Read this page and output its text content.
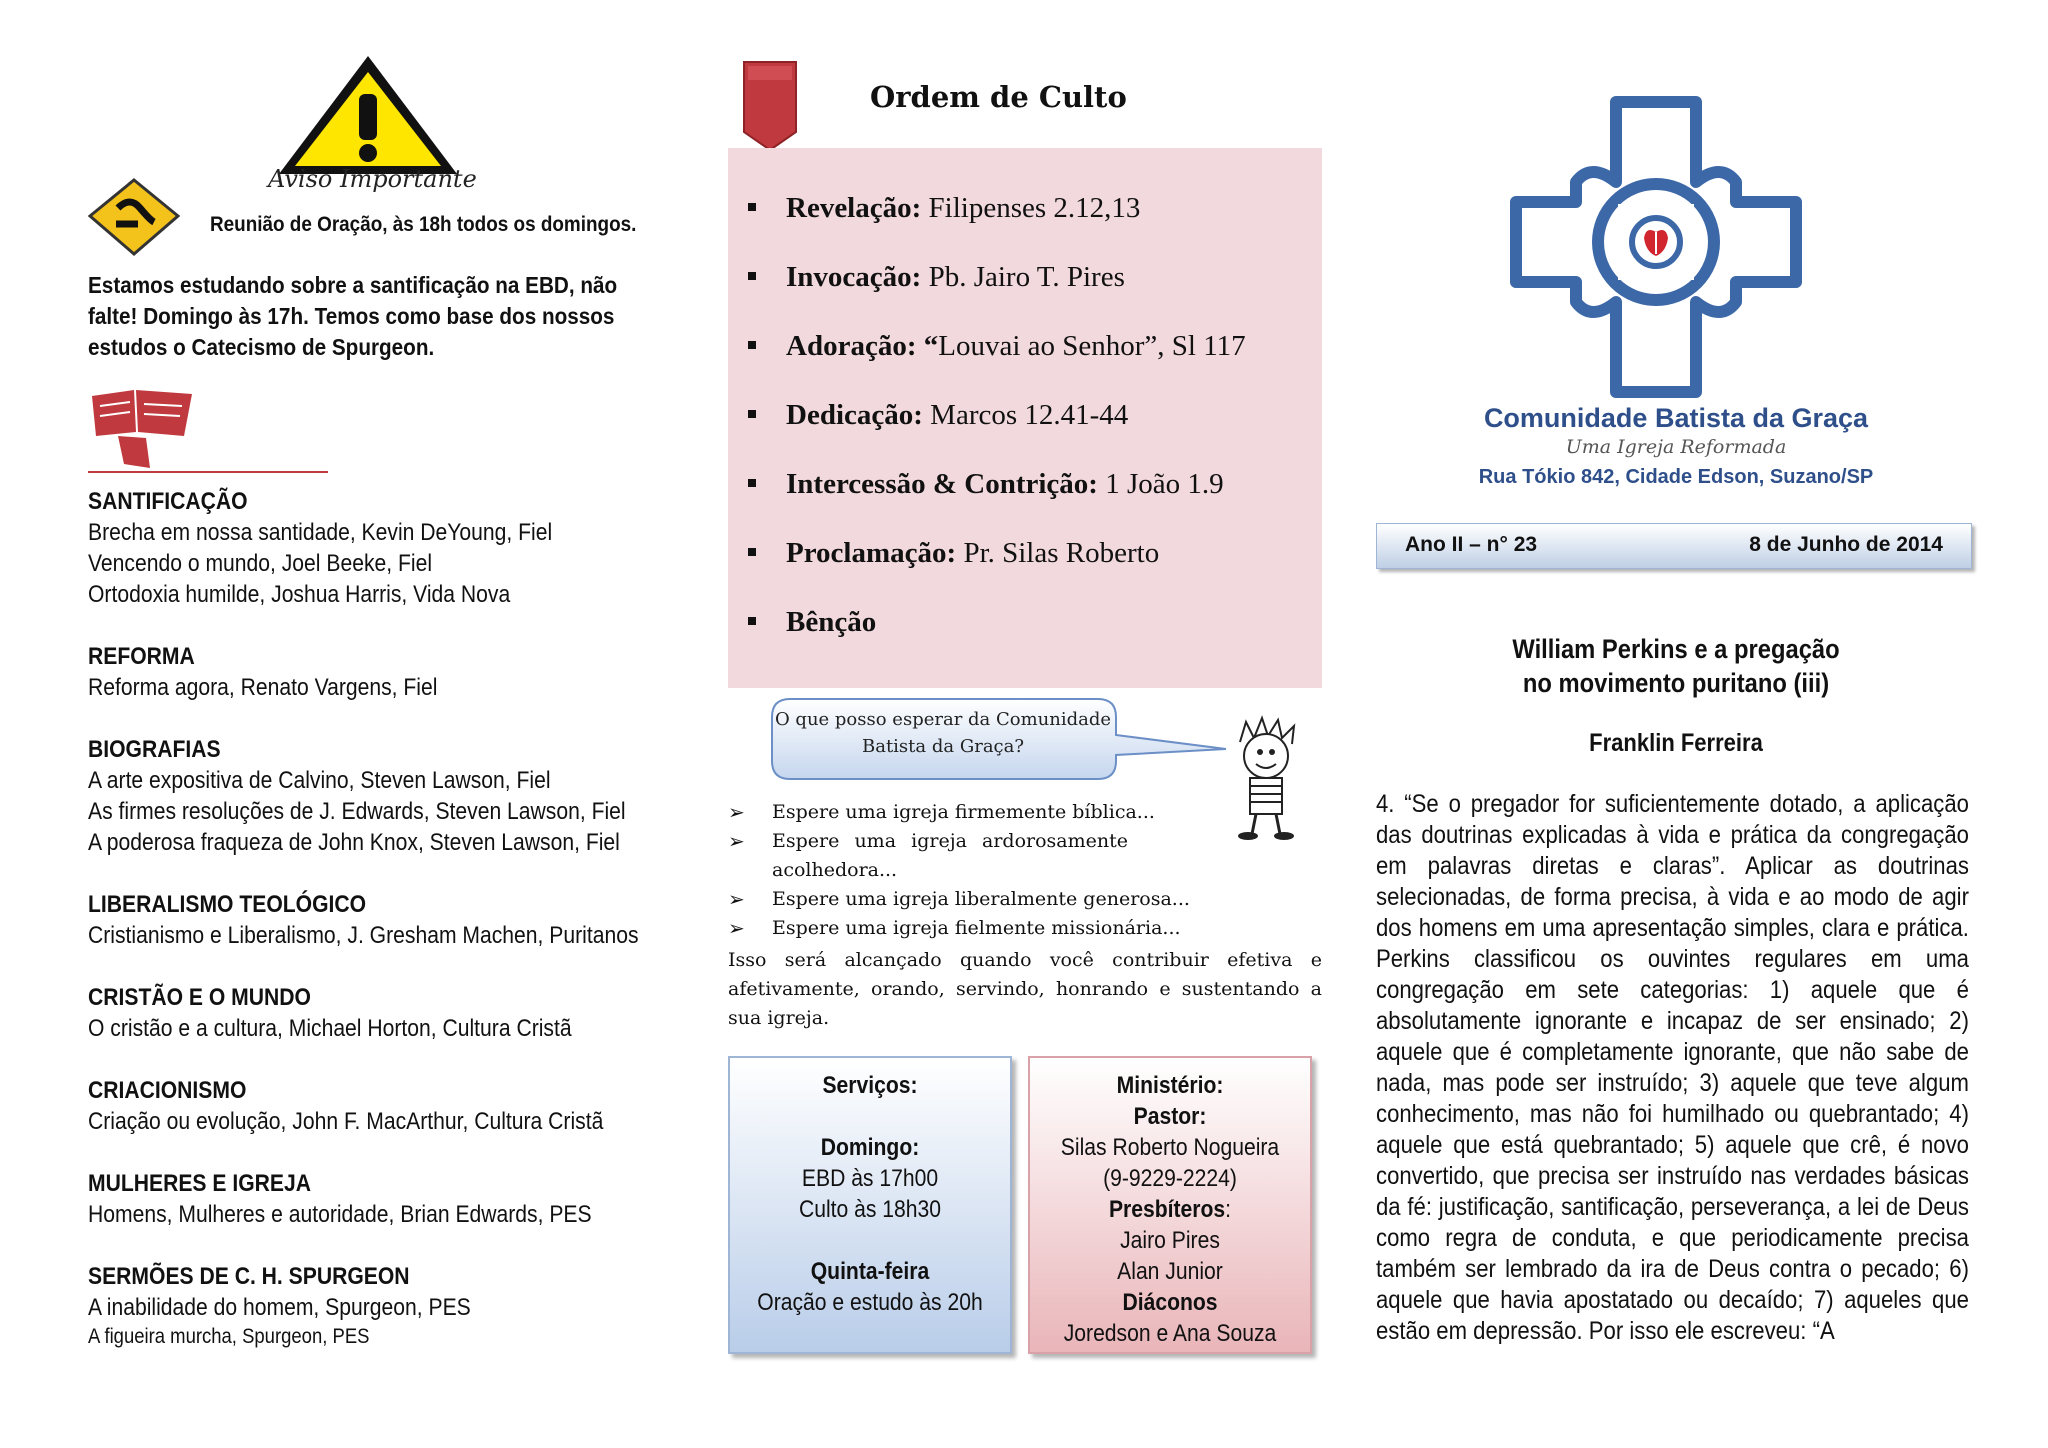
Aviso Importante
Reunião de Oração, às 18h todos os domingos.
Estamos estudando sobre a santificação na EBD, não falte! Domingo às 17h. Temos como base dos nossos estudos o Catecismo de Spurgeon.
SANTIFICAÇÃO
Brecha em nossa santidade, Kevin DeYoung, Fiel
Vencendo o mundo, Joel Beeke, Fiel
Ortodoxia humilde, Joshua Harris, Vida Nova
REFORMA
Reforma agora, Renato Vargens, Fiel
BIOGRAFIAS
A arte expositiva de Calvino, Steven Lawson, Fiel
As firmes resoluções de J. Edwards, Steven Lawson, Fiel
A poderosa fraqueza de John Knox, Steven Lawson, Fiel
LIBERALISMO TEOLÓGICO
Cristianismo e Liberalismo, J. Gresham Machen, Puritanos
CRISTÃO E O MUNDO
O cristão e a cultura, Michael Horton, Cultura Cristã
CRIACIONISMO
Criação ou evolução, John F. MacArthur, Cultura Cristã
MULHERES E IGREJA
Homens, Mulheres e autoridade, Brian Edwards, PES
SERMÕES DE C. H. SPURGEON
A inabilidade do homem, Spurgeon, PES
A figueira murcha, Spurgeon, PES
Ordem de Culto
Revelação: Filipenses 2.12,13
Invocação: Pb. Jairo T. Pires
Adoração: “Louvai ao Senhor”, Sl 117
Dedicação: Marcos 12.41-44
Intercessão & Contrição: 1 João 1.9
Proclamação: Pr. Silas Roberto
Bênção
O que posso esperar da Comunidade Batista da Graça?
➢	Espere uma igreja firmemente bíblica...
➢	Espere uma igreja ardorosamente acolhedora...
➢	Espere uma igreja liberalmente generosa...
➢	Espere uma igreja fielmente missionária...
Isso será alcançado quando você contribuir efetiva e afetivamente, orando, servindo, honrando e sustentando a sua igreja.
Serviços:
Domingo:
EBD às 17h00
Culto às 18h30
Quinta-feira
Oração e estudo às 20h
Ministério:
Pastor:
Silas Roberto Nogueira
(9-9229-2224)
Presbíteros:
Jairo Pires
Alan Junior
Diáconos
Joredson e Ana Souza
Comunidade Batista da Graça
Uma Igreja Reformada
Rua Tókio 842, Cidade Edson, Suzano/SP
Ano II – n° 23	8 de Junho de 2014
William Perkins e a pregação
no movimento puritano (iii)
Franklin Ferreira
4. “Se o pregador for suficientemente dotado, a aplicação das doutrinas explicadas à vida e prática da congregação em palavras diretas e claras”. Aplicar as doutrinas selecionadas, de forma precisa, à vida e ao modo de agir dos homens em uma apresentação simples, clara e prática. Perkins classificou os ouvintes regulares em uma congregação em sete categorias: 1) aquele que é absolutamente ignorante e incapaz de ser ensinado; 2) aquele que é completamente ignorante, que não sabe de nada, mas pode ser instruído; 3) aquele que teve algum conhecimento, mas não foi humilhado ou quebrantado; 4) aquele que está quebrantado; 5) aquele que crê, é novo convertido, que precisa ser instruído nas verdades básicas da fé: justificação, santificação, perseverança, a lei de Deus como regra de conduta, e que periodicamente precisa também ser lembrado da ira de Deus contra o pecado; 6) aquele que havia apostatado ou decaído; 7) aqueles que estão em depressão. Por isso ele escreveu: “A
